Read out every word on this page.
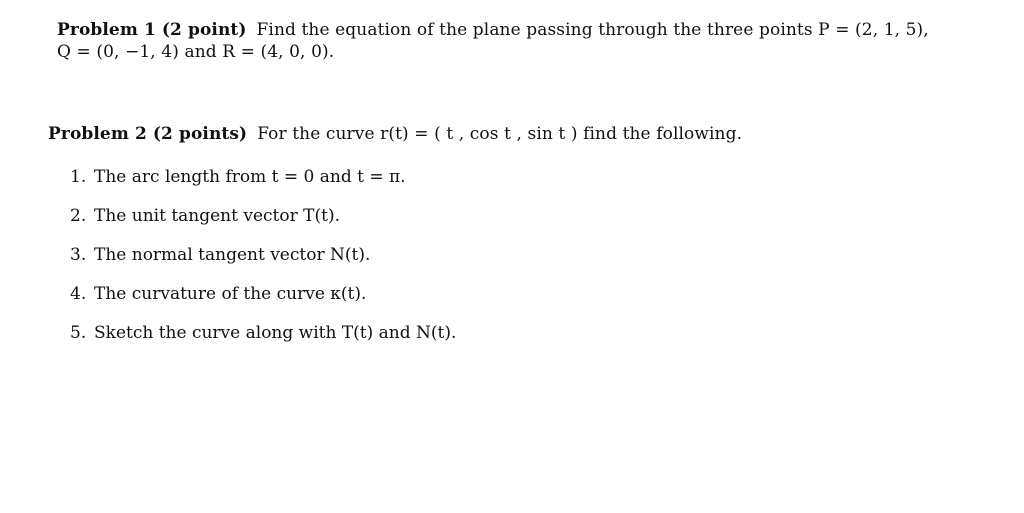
Problem 1 (2 point) Find the equation of the plane passing through the three points P = (2, 1, 5),
Q = (0, −1, 4) and R = (4, 0, 0).
Problem 2 (2 points) For the curve r(t) = ( t , cos t , sin t ) find the following.
1. The arc length from t = 0 and t = π.
2. The unit tangent vector T(t).
3. The normal tangent vector N(t).
4. The curvature of the curve κ(t).
5. Sketch the curve along with T(t) and N(t).
